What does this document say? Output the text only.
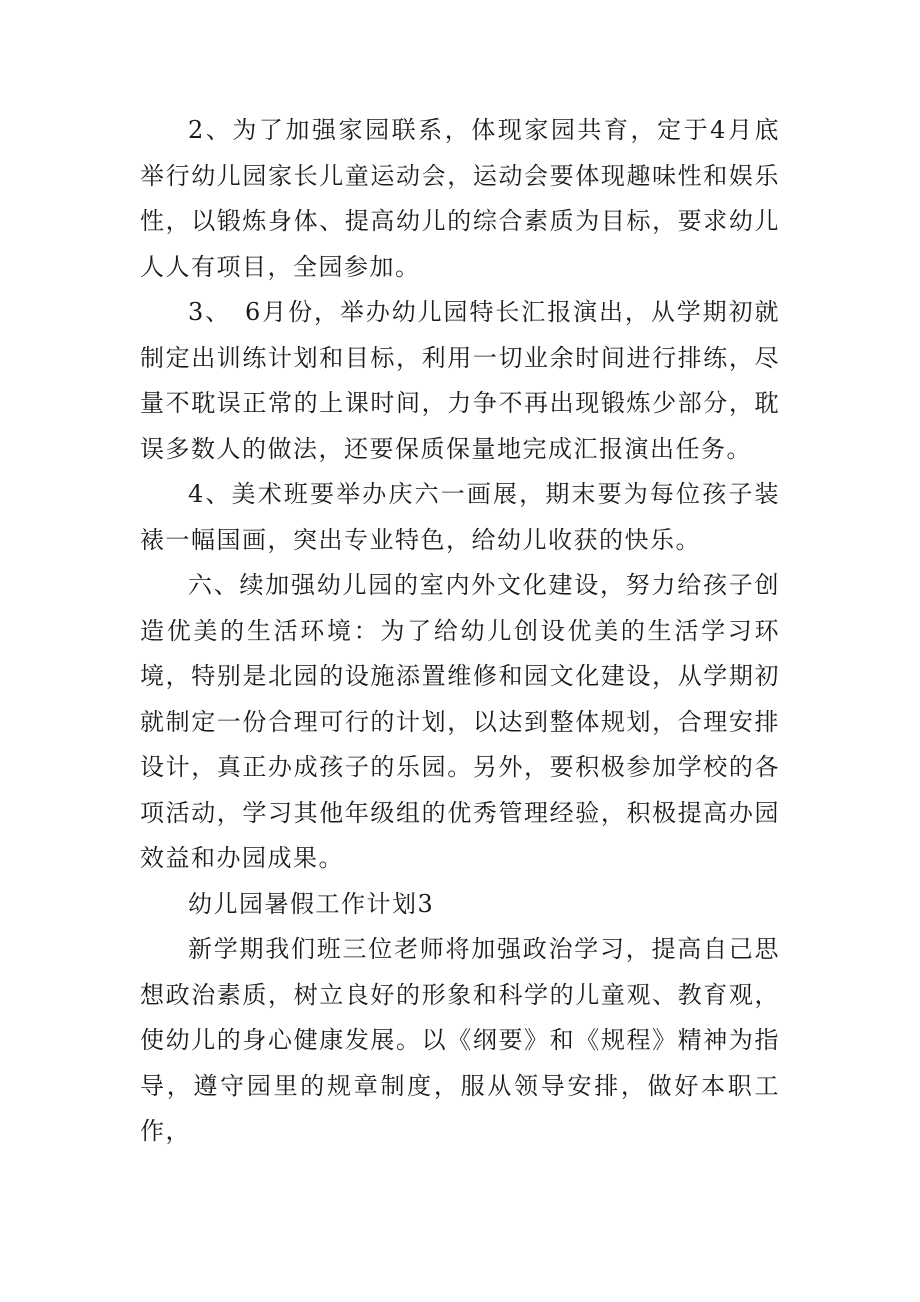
2、为了加强家园联系，体现家园共育，定于4月底举行幼儿园家长儿童运动会，运动会要体现趣味性和娱乐性，以锻炼身体、提高幼儿的综合素质为目标，要求幼儿人人有项目，全园参加。

3、　6月份，举办幼儿园特长汇报演出，从学期初就制定出训练计划和目标，利用一切业余时间进行排练，尽量不耽误正常的上课时间，力争不再出现锻炼少部分，耽误多数人的做法，还要保质保量地完成汇报演出任务。

4、美术班要举办庆六一画展，期末要为每位孩子装裱一幅国画，突出专业特色，给幼儿收获的快乐。

六、续加强幼儿园的室内外文化建设，努力给孩子创造优美的生活环境：为了给幼儿创设优美的生活学习环境，特别是北园的设施添置维修和园文化建设，从学期初就制定一份合理可行的计划，以达到整体规划，合理安排设计，真正办成孩子的乐园。另外，要积极参加学校的各项活动，学习其他年级组的优秀管理经验，积极提高办园效益和办园成果。

幼儿园暑假工作计划3

新学期我们班三位老师将加强政治学习，提高自己思想政治素质，树立良好的形象和科学的儿童观、教育观，使幼儿的身心健康发展。以《纲要》和《规程》精神为指导，遵守园里的规章制度，服从领导安排，做好本职工作，
